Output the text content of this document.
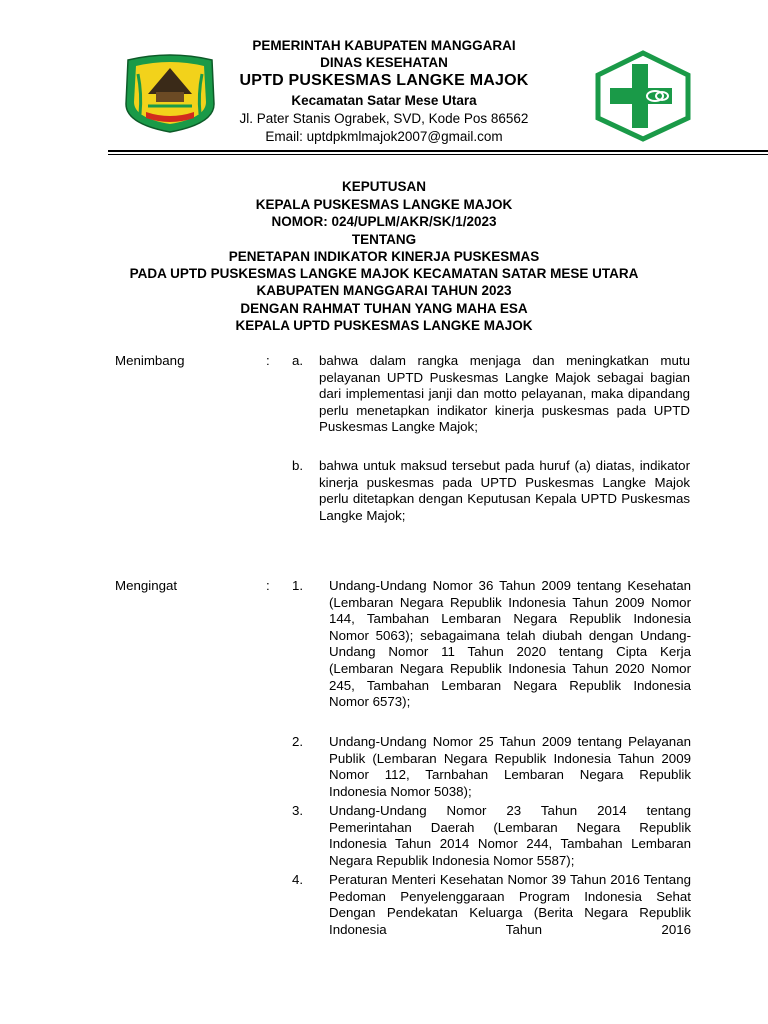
PEMERINTAH KABUPATEN MANGGARAI
DINAS KESEHATAN
UPTD PUSKESMAS LANGKE MAJOK
Kecamatan Satar Mese Utara
Jl. Pater Stanis Ograbek, SVD, Kode Pos 86562
Email: uptdpkmlmajok2007@gmail.com
KEPUTUSAN
KEPALA PUSKESMAS LANGKE MAJOK
NOMOR: 024/UPLM/AKR/SK/1/2023
TENTANG
PENETAPAN INDIKATOR KINERJA PUSKESMAS
PADA UPTD PUSKESMAS LANGKE MAJOK KECAMATAN SATAR MESE UTARA
KABUPATEN MANGGARAI TAHUN 2023
DENGAN RAHMAT TUHAN YANG MAHA ESA
KEPALA UPTD PUSKESMAS LANGKE MAJOK
Menimbang	: a. bahwa dalam rangka menjaga dan meningkatkan mutu pelayanan UPTD Puskesmas Langke Majok sebagai bagian dari implementasi janji dan motto pelayanan, maka dipandang perlu menetapkan indikator kinerja puskesmas pada UPTD Puskesmas Langke Majok;
b. bahwa untuk maksud tersebut pada huruf (a) diatas, indikator kinerja puskesmas pada UPTD Puskesmas Langke Majok perlu ditetapkan dengan Keputusan Kepala UPTD Puskesmas Langke Majok;
Mengingat	: 1. Undang-Undang Nomor 36 Tahun 2009 tentang Kesehatan (Lembaran Negara Republik Indonesia Tahun 2009 Nomor 144, Tambahan Lembaran Negara Republik Indonesia Nomor 5063); sebagaimana telah diubah dengan Undang-Undang Nomor 11 Tahun 2020 tentang Cipta Kerja (Lembaran Negara Republik Indonesia Tahun 2020 Nomor 245, Tambahan Lembaran Negara Republik Indonesia Nomor 6573);
2. Undang-Undang Nomor 25 Tahun 2009 tentang Pelayanan Publik (Lembaran Negara Republik Indonesia Tahun 2009 Nomor 112, Tarnbahan Lembaran Negara Republik Indonesia Nomor 5038);
3. Undang-Undang Nomor 23 Tahun 2014 tentang Pemerintahan Daerah (Lembaran Negara Republik Indonesia Tahun 2014 Nomor 244, Tambahan Lembaran Negara Republik Indonesia Nomor 5587);
4. Peraturan Menteri Kesehatan Nomor 39 Tahun 2016 Tentang Pedoman Penyelenggaraan Program Indonesia Sehat Dengan Pendekatan Keluarga (Berita Negara Republik Indonesia Tahun 2016
